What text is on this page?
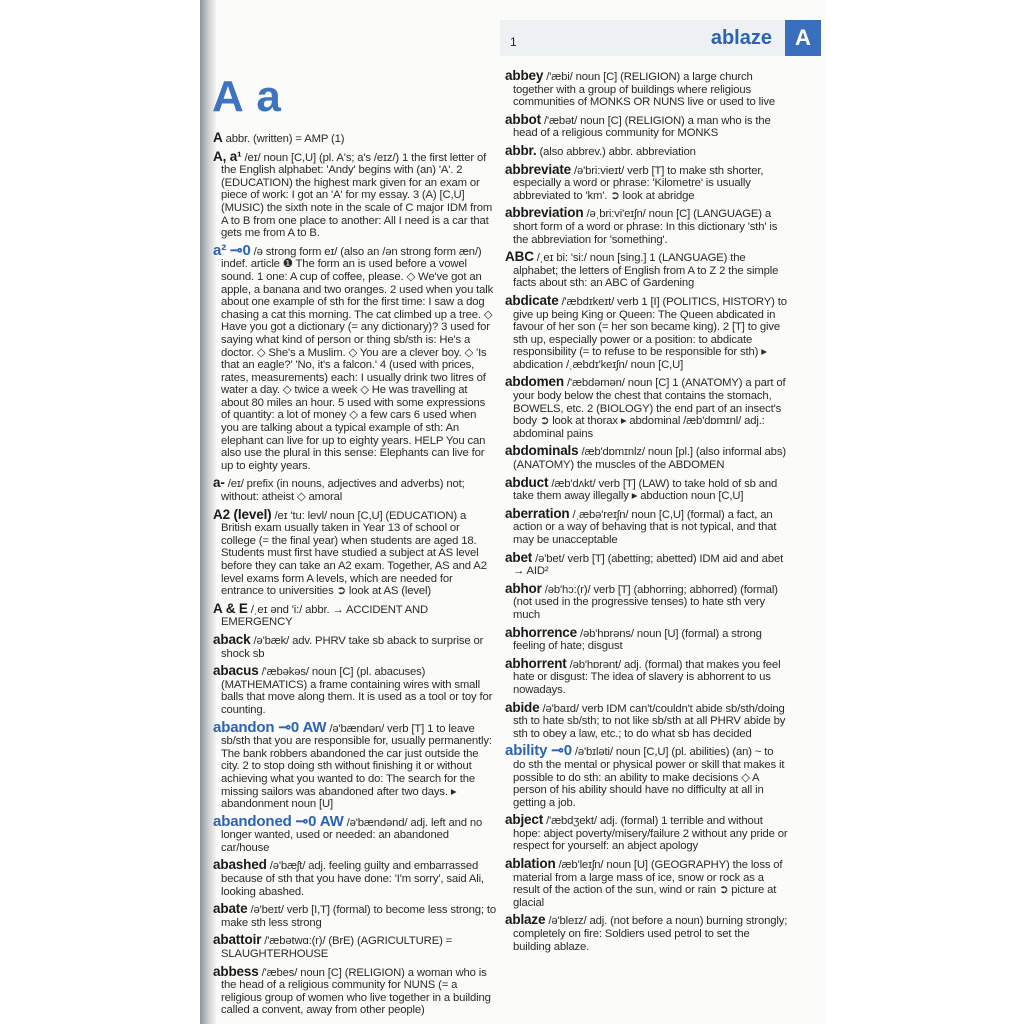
1	ablaze	A
A a
A abbr. (written) = AMP (1)
A, a¹ /eɪ/ noun [C,U] (pl. A's; a's /eɪz/) 1 the first letter of the English alphabet: 'Andy' begins with (an) 'A'. 2 (EDUCATION) the highest mark given for an exam or piece of work: I got an 'A' for my essay. 3 (A) [C,U] (MUSIC) the sixth note in the scale of C major IDM from A to B from one place to another: All I need is a car that gets me from A to B.
a² ⊸0 /ə strong form eɪ/ (also an /ən strong form æn/) indef. article ❶ The form an is used before a vowel sound. 1 one: A cup of coffee, please. ◇ We've got an apple, a banana and two oranges. 2 used when you talk about one example of sth for the first time: I saw a dog chasing a cat this morning. The cat climbed up a tree. ◇ Have you got a dictionary (= any dictionary)? 3 used for saying what kind of person or thing sb/sth is: He's a doctor. ◇ She's a Muslim. ◇ You are a clever boy. ◇ 'Is that an eagle?' 'No, it's a falcon.' 4 (used with prices, rates, measurements) each: I usually drink two litres of water a day. ◇ twice a week ◇ He was travelling at about 80 miles an hour. 5 used with some expressions of quantity: a lot of money ◇ a few cars 6 used when you are talking about a typical example of sth: An elephant can live for up to eighty years. HELP You can also use the plural in this sense: Elephants can live for up to eighty years.
a- /eɪ/ prefix (in nouns, adjectives and adverbs) not; without: atheist ◇ amoral
A2 (level) /eɪ 'tu: levl/ noun [C,U] (EDUCATION) a British exam usually taken in Year 13 of school or college (= the final year) when students are aged 18. Students must first have studied a subject at AS level before they can take an A2 exam. Together, AS and A2 level exams form A levels, which are needed for entrance to universities ➲ look at AS (level)
A & E /ˌeɪ ənd 'i:/ abbr. → ACCIDENT AND EMERGENCY
aback /ə'bæk/ adv. PHRV take sb aback to surprise or shock sb
abacus /'æbəkəs/ noun [C] (pl. abacuses) (MATHEMATICS) a frame containing wires with small balls that move along them. It is used as a tool or toy for counting.
abandon ⊸0 AW /ə'bændən/ verb [T] 1 to leave sb/sth that you are responsible for, usually permanently: The bank robbers abandoned the car just outside the city. 2 to stop doing sth without finishing it or without achieving what you wanted to do: The search for the missing sailors was abandoned after two days. ▸ abandonment noun [U]
abandoned ⊸0 AW /ə'bændənd/ adj. left and no longer wanted, used or needed: an abandoned car/house
abashed /ə'bæʃt/ adj. feeling guilty and embarrassed because of sth that you have done: 'I'm sorry', said Ali, looking abashed.
abate /ə'beɪt/ verb [I,T] (formal) to become less strong; to make sth less strong
abattoir /'æbətwɑ:(r)/ (BrE) (AGRICULTURE) = SLAUGHTERHOUSE
abbess /'æbes/ noun [C] (RELIGION) a woman who is the head of a religious community for NUNS (= a religious group of women who live together in a building called a convent, away from other people)
abbey /'æbi/ noun [C] (RELIGION) a large church together with a group of buildings where religious communities of MONKS OR NUNS live or used to live
abbot /'æbət/ noun [C] (RELIGION) a man who is the head of a religious community for MONKS
abbr. (also abbrev.) abbr. abbreviation
abbreviate /ə'bri:vieɪt/ verb [T] to make sth shorter, especially a word or phrase: 'Kilometre' is usually abbreviated to 'km'. ➲ look at abridge
abbreviation /əˌbri:vi'eɪʃn/ noun [C] (LANGUAGE) a short form of a word or phrase: In this dictionary 'sth' is the abbreviation for 'something'.
ABC /ˌeɪ bi: 'si:/ noun [sing.] 1 (LANGUAGE) the alphabet; the letters of English from A to Z 2 the simple facts about sth: an ABC of Gardening
abdicate /'æbdɪkeɪt/ verb 1 [I] (POLITICS, HISTORY) to give up being King or Queen: The Queen abdicated in favour of her son (= her son became king). 2 [T] to give sth up, especially power or a position: to abdicate responsibility (= to refuse to be responsible for sth) ▸ abdication /ˌæbdɪ'keɪʃn/ noun [C,U]
abdomen /'æbdəmən/ noun [C] 1 (ANATOMY) a part of your body below the chest that contains the stomach, BOWELS, etc. 2 (BIOLOGY) the end part of an insect's body ➲ look at thorax ▸ abdominal /æb'dɒmɪnl/ adj.: abdominal pains
abdominals /æb'dɒmɪnlz/ noun [pl.] (also informal abs) (ANATOMY) the muscles of the ABDOMEN
abduct /æb'dʌkt/ verb [T] (LAW) to take hold of sb and take them away illegally ▸ abduction noun [C,U]
aberration /ˌæbə'reɪʃn/ noun [C,U] (formal) a fact, an action or a way of behaving that is not typical, and that may be unacceptable
abet /ə'bet/ verb [T] (abetting; abetted) IDM aid and abet → AID²
abhor /əb'hɔ:(r)/ verb [T] (abhorring; abhorred) (formal) (not used in the progressive tenses) to hate sth very much
abhorrence /əb'hɒrəns/ noun [U] (formal) a strong feeling of hate; disgust
abhorrent /əb'hɒrənt/ adj. (formal) that makes you feel hate or disgust: The idea of slavery is abhorrent to us nowadays.
abide /ə'baɪd/ verb IDM can't/couldn't abide sb/sth/doing sth to hate sb/sth; to not like sb/sth at all PHRV abide by sth to obey a law, etc.; to do what sb has decided
ability ⊸0 /ə'bɪləti/ noun [C,U] (pl. abilities) (an) ~ to do sth the mental or physical power or skill that makes it possible to do sth: an ability to make decisions ◇ A person of his ability should have no difficulty at all in getting a job.
abject /'æbdʒekt/ adj. (formal) 1 terrible and without hope: abject poverty/misery/failure 2 without any pride or respect for yourself: an abject apology
ablation /æb'leɪʃn/ noun [U] (GEOGRAPHY) the loss of material from a large mass of ice, snow or rock as a result of the action of the sun, wind or rain ➲ picture at glacial
ablaze /ə'bleɪz/ adj. (not before a noun) burning strongly; completely on fire: Soldiers used petrol to set the building ablaze.
